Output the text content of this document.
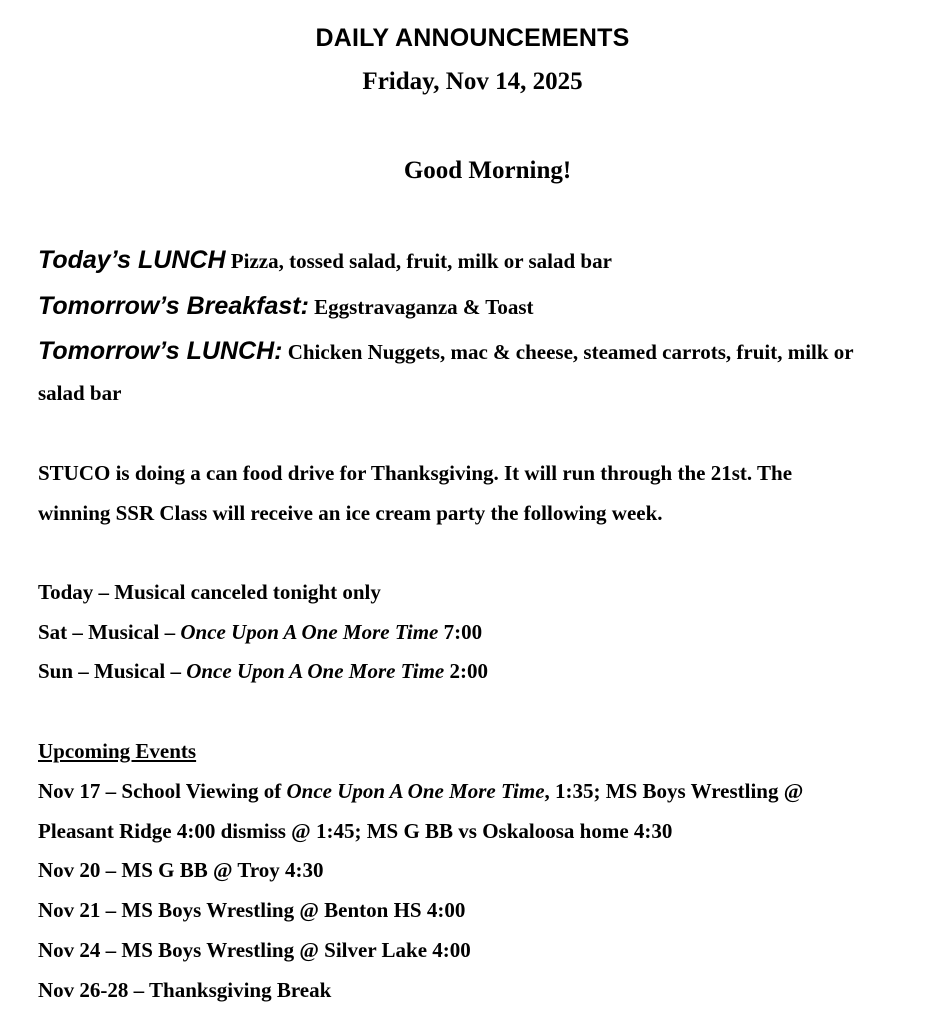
DAILY ANNOUNCEMENTS
Friday, Nov 14, 2025
Good Morning!
Today’s LUNCH Pizza, tossed salad, fruit, milk or salad bar
Tomorrow’s Breakfast: Eggstravaganza & Toast
Tomorrow’s LUNCH: Chicken Nuggets, mac & cheese, steamed carrots, fruit, milk or
salad bar
STUCO is doing a can food drive for Thanksgiving. It will run through the 21st. The
winning SSR Class will receive an ice cream party the following week.
Today – Musical canceled tonight only
Sat – Musical – Once Upon A One More Time 7:00
Sun – Musical – Once Upon A One More Time 2:00
Upcoming Events
Nov 17 – School Viewing of Once Upon A One More Time, 1:35; MS Boys Wrestling @
Pleasant Ridge 4:00 dismiss @ 1:45; MS G BB vs Oskaloosa home 4:30
Nov 20 – MS G BB @ Troy 4:30
Nov 21 – MS Boys Wrestling @ Benton HS 4:00
Nov 24 – MS Boys Wrestling @ Silver Lake 4:00
Nov 26-28 – Thanksgiving Break
